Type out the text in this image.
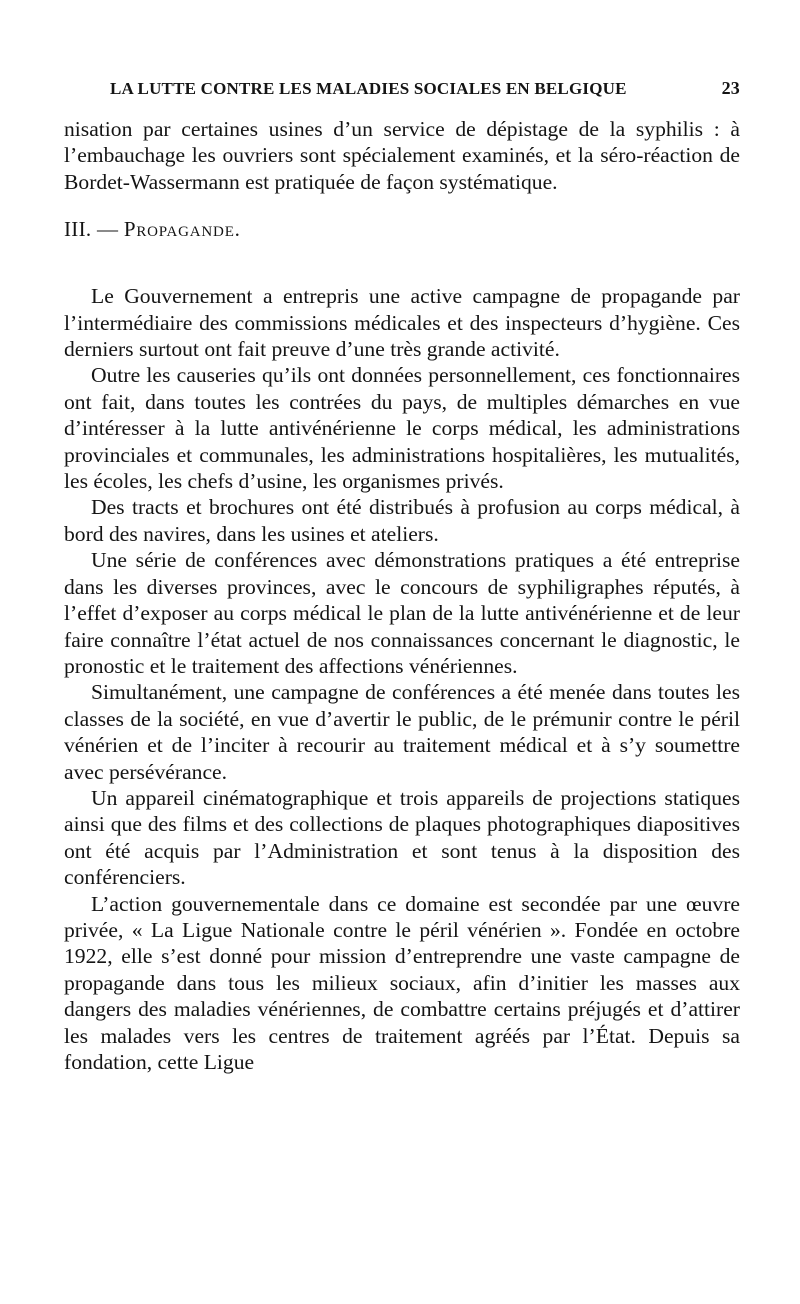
LA LUTTE CONTRE LES MALADIES SOCIALES EN BELGIQUE	23

nisation par certaines usines d’un service de dépistage de la syphilis : à l’embauchage les ouvriers sont spécialement examinés, et la séro-réaction de Bordet-Wassermann est pratiquée de façon systématique.

III. — Propagande.

Le Gouvernement a entrepris une active campagne de propagande par l’intermédiaire des commissions médicales et des inspecteurs d’hygiène. Ces derniers surtout ont fait preuve d’une très grande activité.

Outre les causeries qu’ils ont données personnellement, ces fonctionnaires ont fait, dans toutes les contrées du pays, de multiples démarches en vue d’intéresser à la lutte antivénérienne le corps médical, les administrations provinciales et communales, les administrations hospitalières, les mutualités, les écoles, les chefs d’usine, les organismes privés.

Des tracts et brochures ont été distribués à profusion au corps médical, à bord des navires, dans les usines et ateliers.

Une série de conférences avec démonstrations pratiques a été entreprise dans les diverses provinces, avec le concours de syphiligraphes réputés, à l’effet d’exposer au corps médical le plan de la lutte antivénérienne et de leur faire connaître l’état actuel de nos connaissances concernant le diagnostic, le pronostic et le traitement des affections vénériennes.

Simultanément, une campagne de conférences a été menée dans toutes les classes de la société, en vue d’avertir le public, de le prémunir contre le péril vénérien et de l’inciter à recourir au traitement médical et à s’y soumettre avec persévérance.

Un appareil cinématographique et trois appareils de projections statiques ainsi que des films et des collections de plaques photographiques diapositives ont été acquis par l’Administration et sont tenus à la disposition des conférenciers.

L’action gouvernementale dans ce domaine est secondée par une œuvre privée, « La Ligue Nationale contre le péril vénérien ». Fondée en octobre 1922, elle s’est donné pour mission d’entreprendre une vaste campagne de propagande dans tous les milieux sociaux, afin d’initier les masses aux dangers des maladies vénériennes, de combattre certains préjugés et d’attirer les malades vers les centres de traitement agréés par l’État. Depuis sa fondation, cette Ligue
